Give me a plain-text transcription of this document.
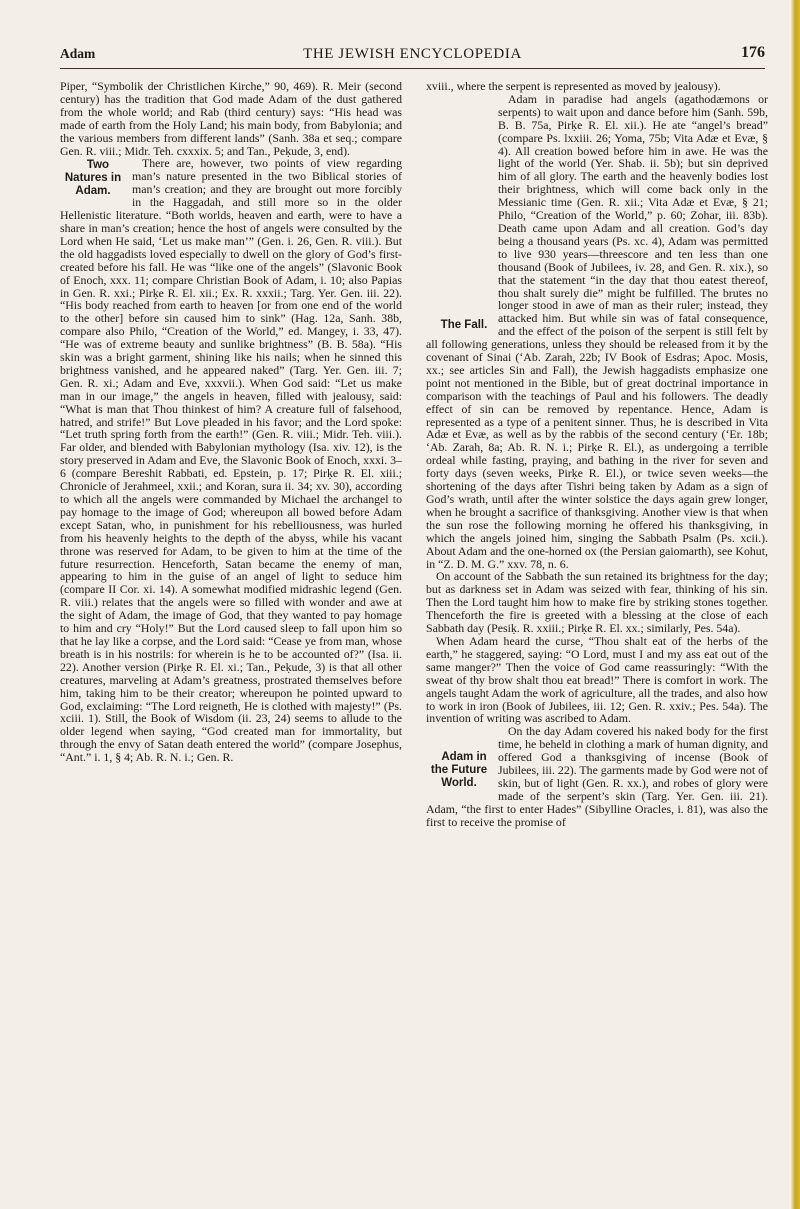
Adam	THE JEWISH ENCYCLOPEDIA	176

Piper, “Symbolik der Christlichen Kirche,” 90, 469). R. Meir (second century) has the tradition that God made Adam of the dust gathered from the whole world; and Rab (third century) says: “His head was made of earth from the Holy Land; his main body, from Babylonia; and the various members from different lands” (Sanh. 38a et seq.; compare Gen. R. viii.; Midr. Teh. cxxxix. 5; and Tan., Peḳude, 3, end).

Two Natures in Adam.
There are, however, two points of view regarding man’s nature presented in the two Biblical stories of man’s creation; and they are brought out more forcibly in the Haggadah, and still more so in the older Hellenistic literature. “Both worlds, heaven and earth, were to have a share in man’s creation; hence the host of angels were consulted by the Lord when He said, ‘Let us make man’” (Gen. i. 26, Gen. R. viii.). But the old haggadists loved especially to dwell on the glory of God’s first-created before his fall. He was “like one of the angels” (Slavonic Book of Enoch, xxx. 11; compare Christian Book of Adam, i. 10; also Papias in Gen. R. xxi.; Pirḳe R. El. xii.; Ex. R. xxxii.; Targ. Yer. Gen. iii. 22). “His body reached from earth to heaven [or from one end of the world to the other] before sin caused him to sink” (Hag. 12a, Sanh. 38b, compare also Philo, “Creation of the World,” ed. Mangey, i. 33, 47). “He was of extreme beauty and sunlike brightness” (B. B. 58a). “His skin was a bright garment, shining like his nails; when he sinned this brightness vanished, and he appeared naked” (Targ. Yer. Gen. iii. 7; Gen. R. xi.; Adam and Eve, xxxvii.). When God said: “Let us make man in our image,” the angels in heaven, filled with jealousy, said: “What is man that Thou thinkest of him? A creature full of falsehood, hatred, and strife!” But Love pleaded in his favor; and the Lord spoke: “Let truth spring forth from the earth!” (Gen. R. viii.; Midr. Teh. viii.). Far older, and blended with Babylonian mythology (Isa. xiv. 12), is the story preserved in Adam and Eve, the Slavonic Book of Enoch, xxxi. 3–6 (compare Bereshit Rabbati, ed. Epstein, p. 17; Pirḳe R. El. xiii.; Chronicle of Jerahmeel, xxii.; and Koran, sura ii. 34; xv. 30), according to which all the angels were commanded by Michael the archangel to pay homage to the image of God; whereupon all bowed before Adam except Satan, who, in punishment for his rebelliousness, was hurled from his heavenly heights to the depth of the abyss, while his vacant throne was reserved for Adam, to be given to him at the time of the future resurrection. Henceforth, Satan became the enemy of man, appearing to him in the guise of an angel of light to seduce him (compare II Cor. xi. 14). A somewhat modified midrashic legend (Gen. R. viii.) relates that the angels were so filled with wonder and awe at the sight of Adam, the image of God, that they wanted to pay homage to him and cry “Holy!” But the Lord caused sleep to fall upon him so that he lay like a corpse, and the Lord said: “Cease ye from man, whose breath is in his nostrils: for wherein is he to be accounted of?” (Isa. ii. 22). Another version (Pirḳe R. El. xi.; Tan., Peḳude, 3) is that all other creatures, marveling at Adam’s greatness, prostrated themselves before him, taking him to be their creator; whereupon he pointed upward to God, exclaiming: “The Lord reigneth, He is clothed with majesty!” (Ps. xciii. 1). Still, the Book of Wisdom (ii. 23, 24) seems to allude to the older legend when saying, “God created man for immortality, but through the envy of Satan death entered the world” (compare Josephus, “Ant.” i. 1, § 4; Ab. R. N. i.; Gen. R.

xviii., where the serpent is represented as moved by jealousy).

The Fall.
Adam in paradise had angels (agathodæmons or serpents) to wait upon and dance before him (Sanh. 59b, B. B. 75a, Pirḳe R. El. xii.). He ate “angel’s bread” (compare Ps. lxxiii. 26; Yoma, 75b; Vita Adæ et Evæ, § 4). All creation bowed before him in awe. He was the light of the world (Yer. Shab. ii. 5b); but sin deprived him of all glory. The earth and the heavenly bodies lost their brightness, which will come back only in the Messianic time (Gen. R. xii.; Vita Adæ et Evæ, § 21; Philo, “Creation of the World,” p. 60; Zohar, iii. 83b). Death came upon Adam and all creation. God’s day being a thousand years (Ps. xc. 4), Adam was permitted to live 930 years—threescore and ten less than one thousand (Book of Jubilees, iv. 28, and Gen. R. xix.), so that the statement “in the day that thou eatest thereof, thou shalt surely die” might be fulfilled. The brutes no longer stood in awe of man as their ruler; instead, they attacked him. But while sin was of fatal consequence, and the effect of the poison of the serpent is still felt by all following generations, unless they should be released from it by the covenant of Sinai (‘Ab. Zarah, 22b; IV Book of Esdras; Apoc. Mosis, xx.; see articles Sin and Fall), the Jewish haggadists emphasize one point not mentioned in the Bible, but of great doctrinal importance in comparison with the teachings of Paul and his followers. The deadly effect of sin can be removed by repentance. Hence, Adam is represented as a type of a penitent sinner. Thus, he is described in Vita Adæ et Evæ, as well as by the rabbis of the second century (‘Er. 18b; ‘Ab. Zarah, 8a; Ab. R. N. i.; Pirḳe R. El.), as undergoing a terrible ordeal while fasting, praying, and bathing in the river for seven and forty days (seven weeks, Pirḳe R. El.), or twice seven weeks—the shortening of the days after Tishri being taken by Adam as a sign of God’s wrath, until after the winter solstice the days again grew longer, when he brought a sacrifice of thanksgiving. Another view is that when the sun rose the following morning he offered his thanksgiving, in which the angels joined him, singing the Sabbath Psalm (Ps. xcii.). About Adam and the one-horned ox (the Persian gaiomarth), see Kohut, in “Z. D. M. G.” xxv. 78, n. 6.

On account of the Sabbath the sun retained its brightness for the day; but as darkness set in Adam was seized with fear, thinking of his sin. Then the Lord taught him how to make fire by striking stones together. Thenceforth the fire is greeted with a blessing at the close of each Sabbath day (Pesiḳ. R. xxiii.; Pirḳe R. El. xx.; similarly, Pes. 54a).

When Adam heard the curse, “Thou shalt eat of the herbs of the earth,” he staggered, saying: “O Lord, must I and my ass eat out of the same manger?” Then the voice of God came reassuringly: “With the sweat of thy brow shalt thou eat bread!” There is comfort in work. The angels taught Adam the work of agriculture, all the trades, and also how to work in iron (Book of Jubilees, iii. 12; Gen. R. xxiv.; Pes. 54a). The invention of writing was ascribed to Adam.

Adam in the Future World.
On the day Adam covered his naked body for the first time, he beheld in clothing a mark of human dignity, and offered God a thanksgiving of incense (Book of Jubilees, iii. 22). The garments made by God were not of skin, but of light (Gen. R. xx.), and robes of glory were made of the serpent’s skin (Targ. Yer. Gen. iii. 21). Adam, “the first to enter Hades” (Sibylline Oracles, i. 81), was also the first to receive the promise of
